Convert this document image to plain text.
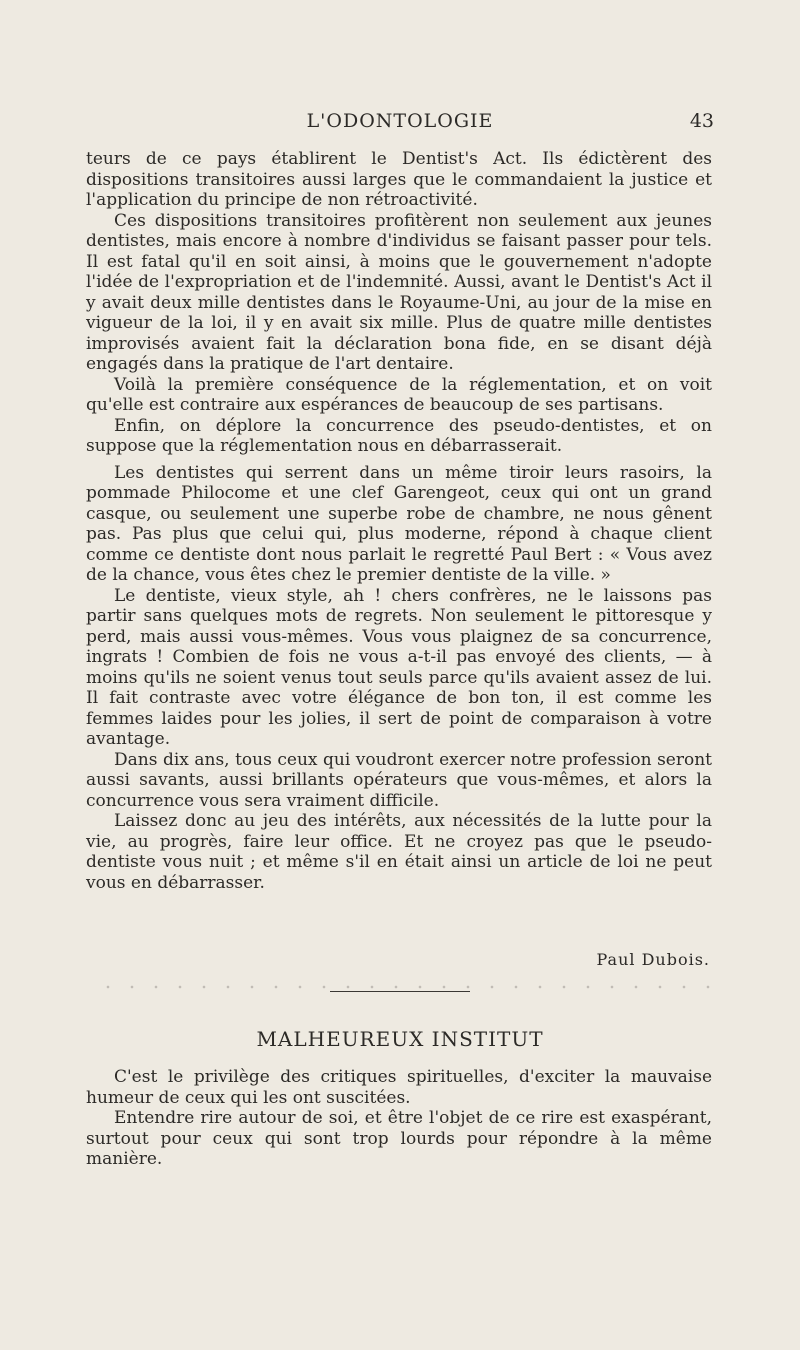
L'ODONTOLOGIE	43

teurs de ce pays établirent le Dentist's Act. Ils édictèrent des dispositions transitoires aussi larges que le commandaient la justice et l'application du principe de non rétroactivité.

Ces dispositions transitoires profitèrent non seulement aux jeunes dentistes, mais encore à nombre d'individus se faisant passer pour tels. Il est fatal qu'il en soit ainsi, à moins que le gouvernement n'adopte l'idée de l'expropriation et de l'indemnité. Aussi, avant le Dentist's Act il y avait deux mille dentistes dans le Royaume-Uni, au jour de la mise en vigueur de la loi, il y en avait six mille. Plus de quatre mille dentistes improvisés avaient fait la déclaration bona fide, en se disant déjà engagés dans la pratique de l'art dentaire.

Voilà la première conséquence de la réglementation, et on voit qu'elle est contraire aux espérances de beaucoup de ses partisans.

Enfin, on déplore la concurrence des pseudo-dentistes, et on suppose que la réglementation nous en débarrasserait.

Les dentistes qui serrent dans un même tiroir leurs rasoirs, la pommade Philocome et une clef Garengeot, ceux qui ont un grand casque, ou seulement une superbe robe de chambre, ne nous gênent pas. Pas plus que celui qui, plus moderne, répond à chaque client comme ce dentiste dont nous parlait le regretté Paul Bert : « Vous avez de la chance, vous êtes chez le premier dentiste de la ville. »

Le dentiste, vieux style, ah ! chers confrères, ne le laissons pas partir sans quelques mots de regrets. Non seulement le pittoresque y perd, mais aussi vous-mêmes. Vous vous plaignez de sa concurrence, ingrats ! Combien de fois ne vous a-t-il pas envoyé des clients, — à moins qu'ils ne soient venus tout seuls parce qu'ils avaient assez de lui. Il fait contraste avec votre élégance de bon ton, il est comme les femmes laides pour les jolies, il sert de point de comparaison à votre avantage.

Dans dix ans, tous ceux qui voudront exercer notre profession seront aussi savants, aussi brillants opérateurs que vous-mêmes, et alors la concurrence vous sera vraiment difficile.

Laissez donc au jeu des intérêts, aux nécessités de la lutte pour la vie, au progrès, faire leur office. Et ne croyez pas que le pseudo-dentiste vous nuit ; et même s'il en était ainsi un article de loi ne peut vous en débarrasser.

Paul Dubois.
MALHEUREUX INSTITUT

C'est le privilège des critiques spirituelles, d'exciter la mauvaise humeur de ceux qui les ont suscitées.

Entendre rire autour de soi, et être l'objet de ce rire est exaspérant, surtout pour ceux qui sont trop lourds pour répondre à la même manière.
